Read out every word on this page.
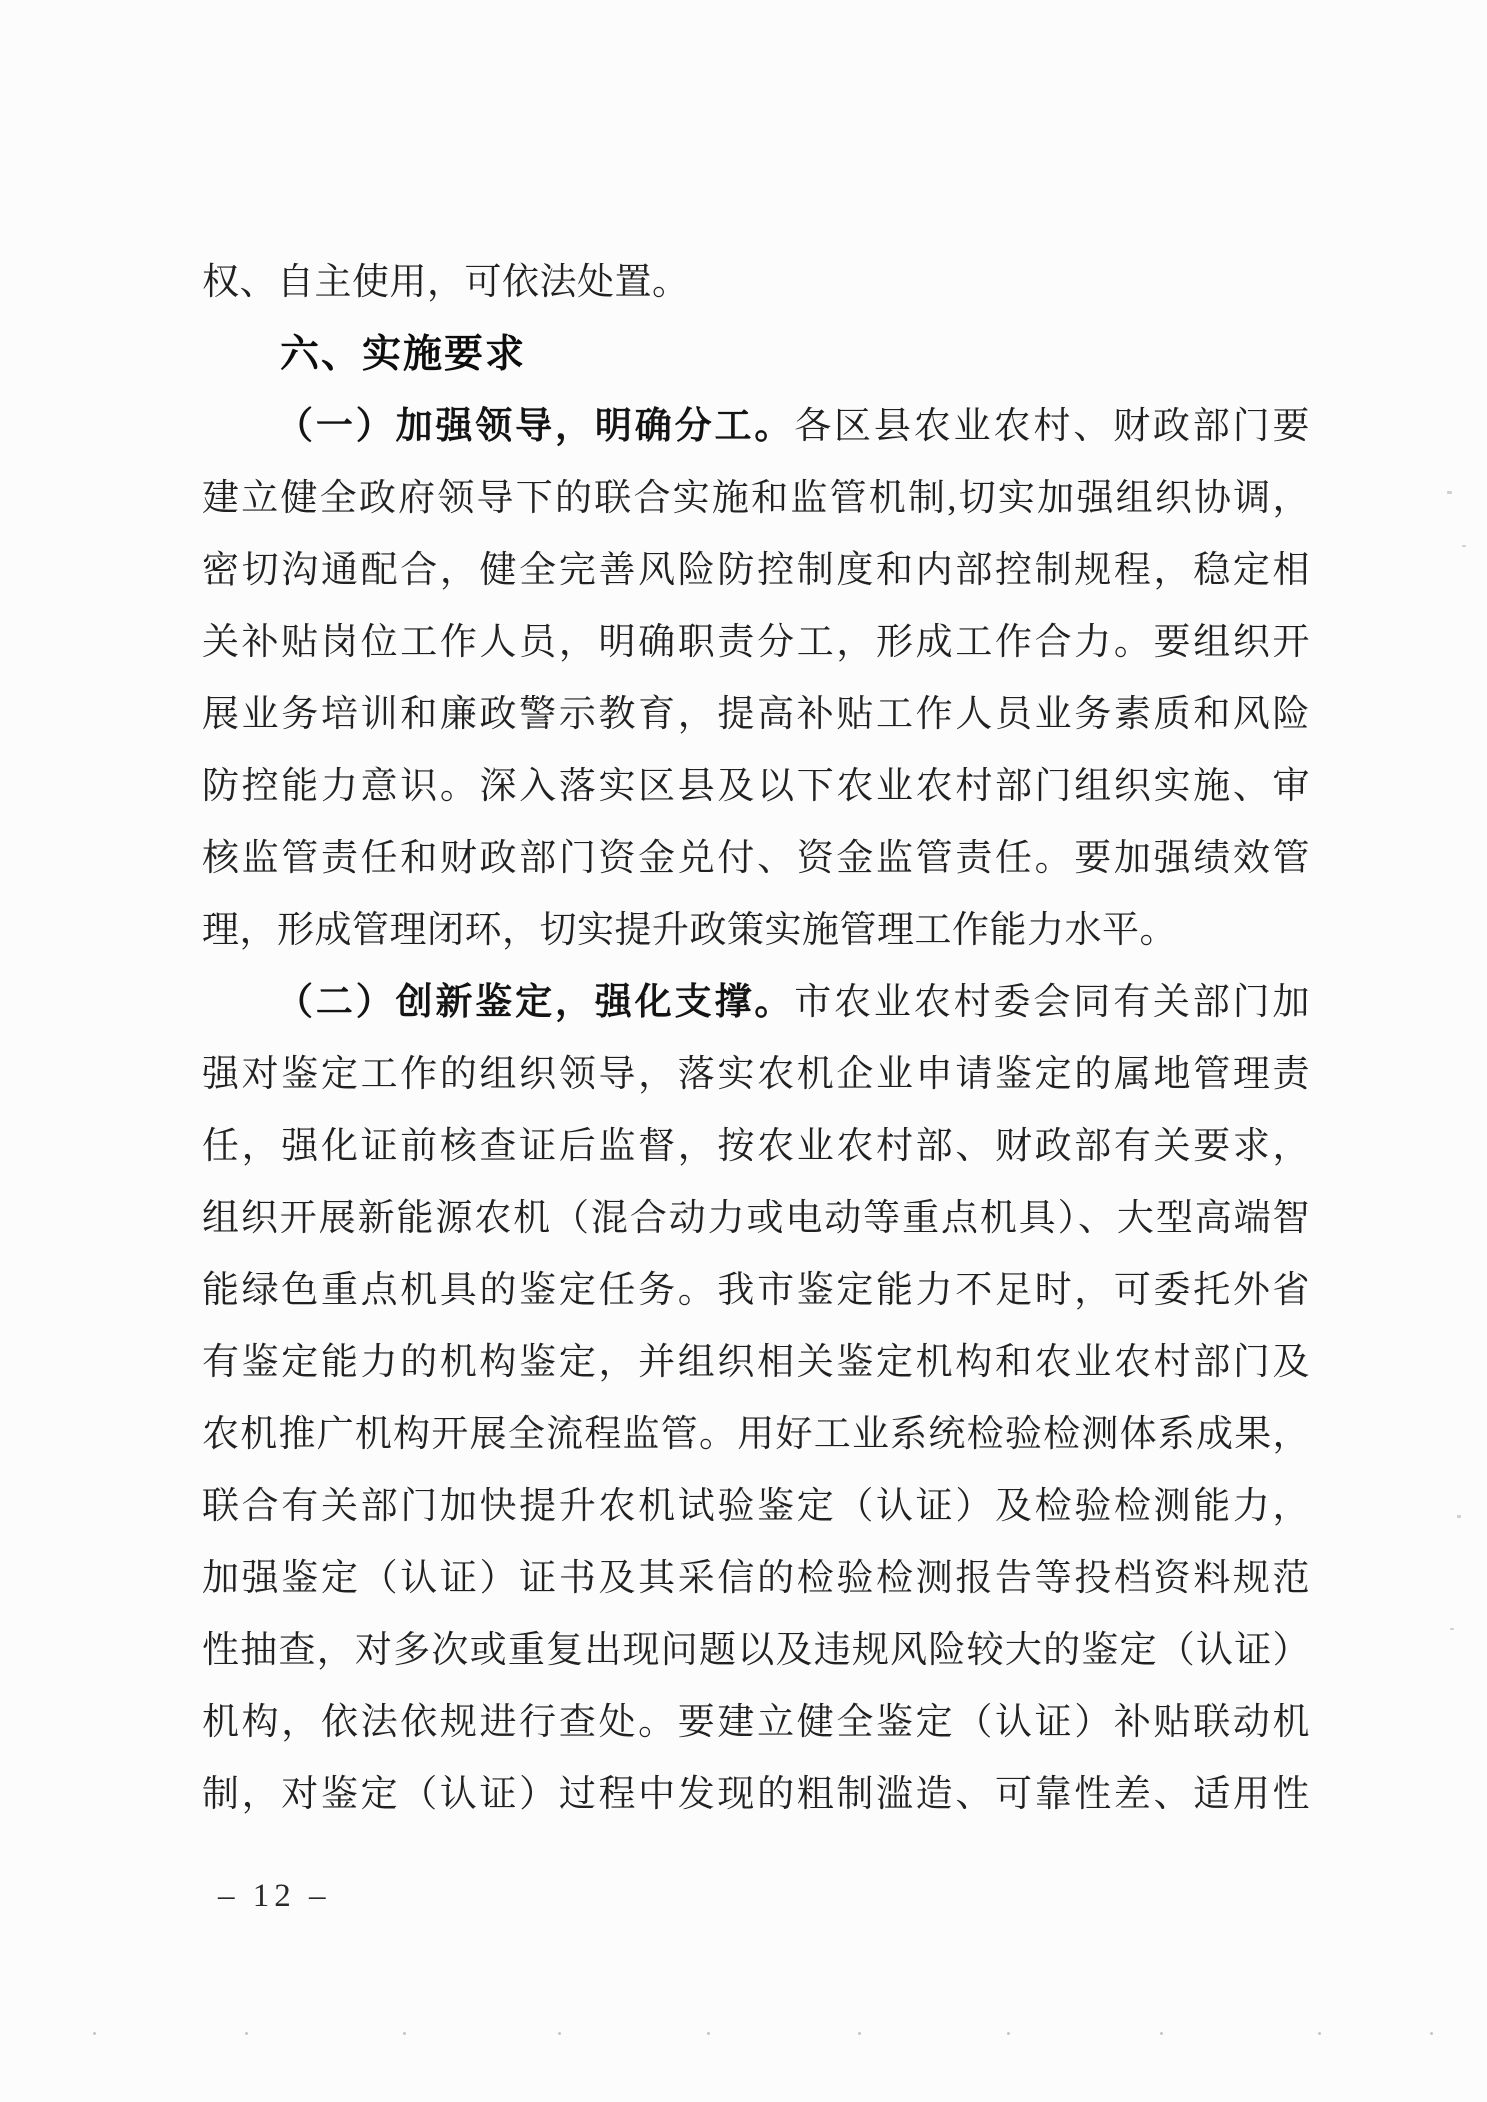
权、自主使用，可依法处置。
六、实施要求
（一）加强领导，明确分工。各区县农业农村、财政部门要
建立健全政府领导下的联合实施和监管机制,切实加强组织协调，
密切沟通配合，健全完善风险防控制度和内部控制规程，稳定相
关补贴岗位工作人员，明确职责分工，形成工作合力。要组织开
展业务培训和廉政警示教育，提高补贴工作人员业务素质和风险
防控能力意识。深入落实区县及以下农业农村部门组织实施、审
核监管责任和财政部门资金兑付、资金监管责任。要加强绩效管
理，形成管理闭环，切实提升政策实施管理工作能力水平。
（二）创新鉴定，强化支撑。市农业农村委会同有关部门加
强对鉴定工作的组织领导，落实农机企业申请鉴定的属地管理责
任，强化证前核查证后监督，按农业农村部、财政部有关要求，
组织开展新能源农机（混合动力或电动等重点机具）、大型高端智
能绿色重点机具的鉴定任务。我市鉴定能力不足时，可委托外省
有鉴定能力的机构鉴定，并组织相关鉴定机构和农业农村部门及
农机推广机构开展全流程监管。用好工业系统检验检测体系成果，
联合有关部门加快提升农机试验鉴定（认证）及检验检测能力，
加强鉴定（认证）证书及其采信的检验检测报告等投档资料规范
性抽查，对多次或重复出现问题以及违规风险较大的鉴定（认证）
机构，依法依规进行查处。要建立健全鉴定（认证）补贴联动机
制，对鉴定（认证）过程中发现的粗制滥造、可靠性差、适用性
– 12 –
